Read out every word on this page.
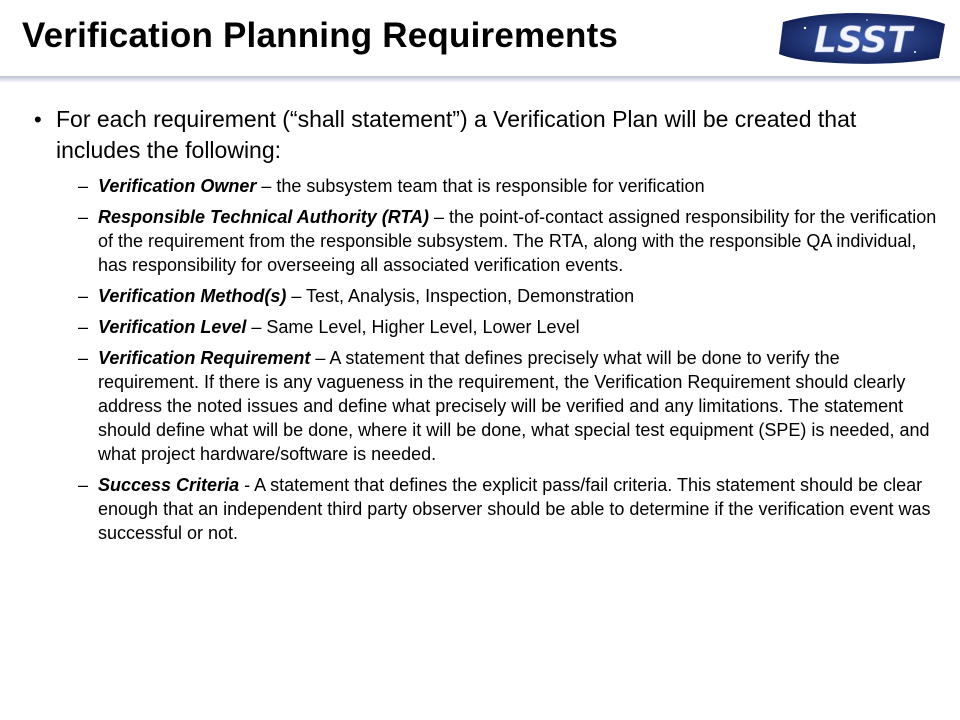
Verification Planning Requirements	LSST
• For each requirement (“shall statement”) a Verification Plan will be created that includes the following:
– Verification Owner – the subsystem team that is responsible for verification
– Responsible Technical Authority (RTA) – the point-of-contact assigned responsibility for the verification of the requirement from the responsible subsystem. The RTA, along with the responsible QA individual, has responsibility for overseeing all associated verification events.
– Verification Method(s) – Test, Analysis, Inspection, Demonstration
– Verification Level – Same Level, Higher Level, Lower Level
– Verification Requirement – A statement that defines precisely what will be done to verify the requirement. If there is any vagueness in the requirement, the Verification Requirement should clearly address the noted issues and define what precisely will be verified and any limitations. The statement should define what will be done, where it will be done, what special test equipment (SPE) is needed, and what project hardware/software is needed.
– Success Criteria - A statement that defines the explicit pass/fail criteria. This statement should be clear enough that an independent third party observer should be able to determine if the verification event was successful or not.
